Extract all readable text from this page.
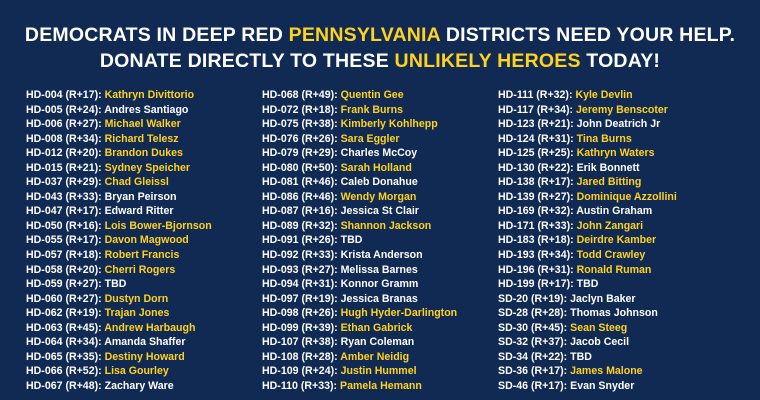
DEMOCRATS IN DEEP RED PENNSYLVANIA DISTRICTS NEED YOUR HELP.
DONATE DIRECTLY TO THESE UNLIKELY HEROES TODAY!
HD-004 (R+17): Kathryn Divittorio
HD-005 (R+24): Andres Santiago
HD-006 (R+27): Michael Walker
HD-008 (R+34): Richard Telesz
HD-012 (R+20): Brandon Dukes
HD-015 (R+21): Sydney Speicher
HD-037 (R+29): Chad Gleissl
HD-043 (R+33): Bryan Peirson
HD-047 (R+17): Edward Ritter
HD-050 (R+16): Lois Bower-Bjornson
HD-055 (R+17): Davon Magwood
HD-057 (R+18): Robert Francis
HD-058 (R+20): Cherri Rogers
HD-059 (R+27): TBD
HD-060 (R+27): Dustyn Dorn
HD-062 (R+19): Trajan Jones
HD-063 (R+45): Andrew Harbaugh
HD-064 (R+34): Amanda Shaffer
HD-065 (R+35): Destiny Howard
HD-066 (R+52): Lisa Gourley
HD-067 (R+48): Zachary Ware
HD-068 (R+49): Quentin Gee
HD-072 (R+18): Frank Burns
HD-075 (R+38): Kimberly Kohlhepp
HD-076 (R+26): Sara Eggler
HD-079 (R+29): Charles McCoy
HD-080 (R+50): Sarah Holland
HD-081 (R+46): Caleb Donahue
HD-086 (R+46): Wendy Morgan
HD-087 (R+16): Jessica St Clair
HD-089 (R+32): Shannon Jackson
HD-091 (R+26): TBD
HD-092 (R+33): Krista Anderson
HD-093 (R+27): Melissa Barnes
HD-094 (R+31): Konnor Gramm
HD-097 (R+19): Jessica Branas
HD-098 (R+26): Hugh Hyder-Darlington
HD-099 (R+39): Ethan Gabrick
HD-107 (R+38): Ryan Coleman
HD-108 (R+28): Amber Neidig
HD-109 (R+24): Justin Hummel
HD-110 (R+33): Pamela Hemann
HD-111 (R+32): Kyle Devlin
HD-117 (R+34): Jeremy Benscoter
HD-123 (R+21): John Deatrich Jr
HD-124 (R+31): Tina Burns
HD-125 (R+25): Kathryn Waters
HD-130 (R+22): Erik Bonnett
HD-138 (R+17): Jared Bitting
HD-139 (R+27): Dominique Azzollini
HD-169 (R+32): Austin Graham
HD-171 (R+33): John Zangari
HD-183 (R+18): Deirdre Kamber
HD-193 (R+34): Todd Crawley
HD-196 (R+31): Ronald Ruman
HD-199 (R+17): TBD
SD-20 (R+19): Jaclyn Baker
SD-28 (R+28): Thomas Johnson
SD-30 (R+45): Sean Steeg
SD-32 (R+37): Jacob Cecil
SD-34 (R+22): TBD
SD-36 (R+17): James Malone
SD-46 (R+17): Evan Snyder
